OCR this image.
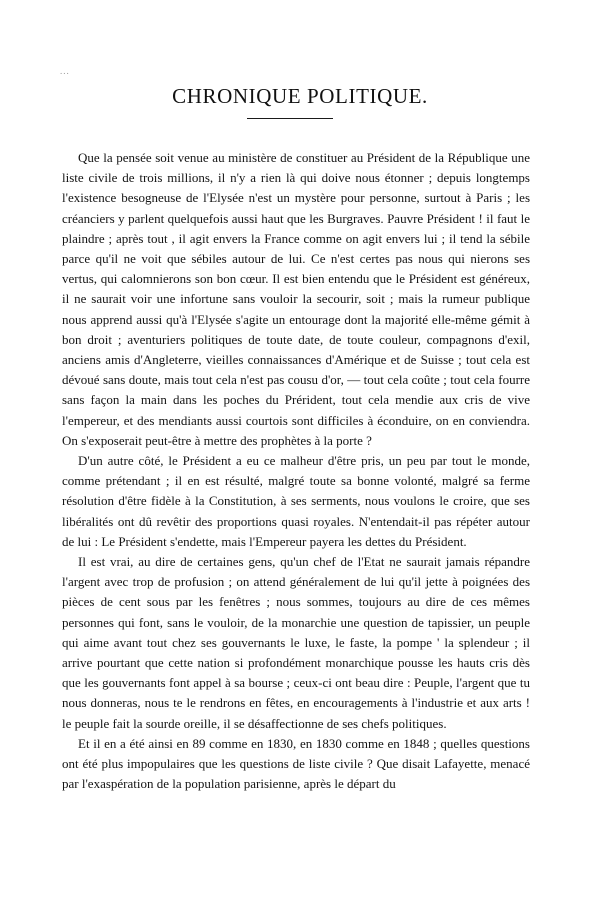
...
CHRONIQUE POLITIQUE.

Que la pensée soit venue au ministère de constituer au Président de la République une liste civile de trois millions, il n'y a rien là qui doive nous étonner ; depuis longtemps l'existence besogneuse de l'Elysée n'est un mystère pour personne, surtout à Paris ; les créanciers y parlent quelquefois aussi haut que les Burgraves. Pauvre Président ! il faut le plaindre ; après tout , il agit envers la France comme on agit envers lui ; il tend la sébile parce qu'il ne voit que sébiles autour de lui. Ce n'est certes pas nous qui nierons ses vertus, qui calomnierons son bon cœur. Il est bien entendu que le Président est généreux, il ne saurait voir une infortune sans vouloir la secourir, soit ; mais la rumeur publique nous apprend aussi qu'à l'Elysée s'agite un entourage dont la majorité elle-même gémit à bon droit ; aventuriers politiques de toute date, de toute couleur, compagnons d'exil, anciens amis d'Angleterre, vieilles connaissances d'Amérique et de Suisse ; tout cela est dévoué sans doute, mais tout cela n'est pas cousu d'or, — tout cela coûte ; tout cela fourre sans façon la main dans les poches du Prérident, tout cela mendie aux cris de vive l'empereur, et des mendiants aussi courtois sont difficiles à éconduire, on en conviendra. On s'exposerait peut-être à mettre des prophètes à la porte ?

D'un autre côté, le Président a eu ce malheur d'être pris, un peu par tout le monde, comme prétendant ; il en est résulté, malgré toute sa bonne volonté, malgré sa ferme résolution d'être fidèle à la Constitution, à ses serments, nous voulons le croire, que ses libéralités ont dû revêtir des proportions quasi royales. N'entendait-il pas répéter autour de lui : Le Président s'endette, mais l'Empereur payera les dettes du Président.

Il est vrai, au dire de certaines gens, qu'un chef de l'Etat ne saurait jamais répandre l'argent avec trop de profusion ; on attend généralement de lui qu'il jette à poignées des pièces de cent sous par les fenêtres ; nous sommes, toujours au dire de ces mêmes personnes qui font, sans le vouloir, de la monarchie une question de tapissier, un peuple qui aime avant tout chez ses gouvernants le luxe, le faste, la pompe ' la splendeur ; il arrive pourtant que cette nation si profondément monarchique pousse les hauts cris dès que les gouvernants font appel à sa bourse ; ceux-ci ont beau dire : Peuple, l'argent que tu nous donneras, nous te le rendrons en fêtes, en encouragements à l'industrie et aux arts ! le peuple fait la sourde oreille, il se désaffectionne de ses chefs politiques.

Et il en a été ainsi en 89 comme en 1830, en 1830 comme en 1848 ; quelles questions ont été plus impopulaires que les questions de liste civile ? Que disait Lafayette, menacé par l'exaspération de la population parisienne, après le départ du
